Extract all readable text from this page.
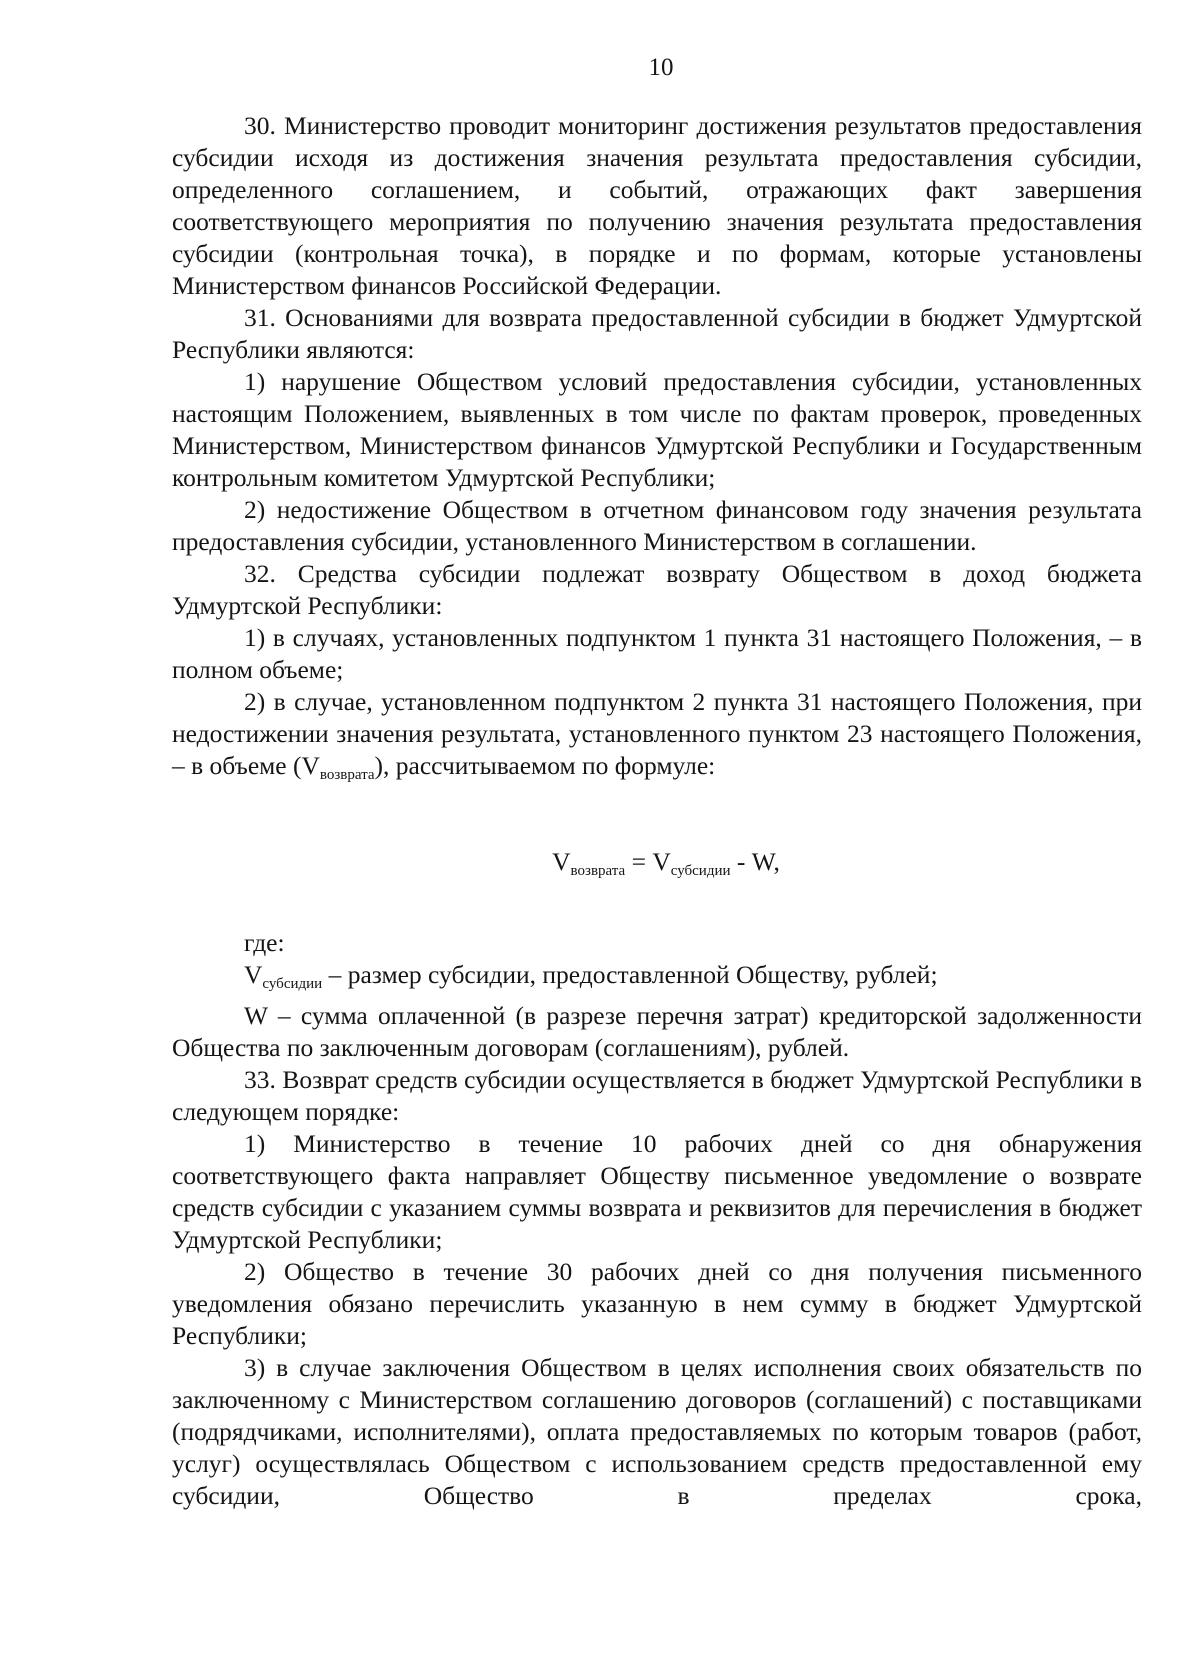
10

30. Министерство проводит мониторинг достижения результатов предоставления субсидии исходя из достижения значения результата предоставления субсидии, определенного соглашением, и событий, отражающих факт завершения соответствующего мероприятия по получению значения результата предоставления субсидии (контрольная точка), в порядке и по формам, которые установлены Министерством финансов Российской Федерации.

31. Основаниями для возврата предоставленной субсидии в бюджет Удмуртской Республики являются:

1) нарушение Обществом условий предоставления субсидии, установленных настоящим Положением, выявленных в том числе по фактам проверок, проведенных Министерством, Министерством финансов Удмуртской Республики и Государственным контрольным комитетом Удмуртской Республики;

2) недостижение Обществом в отчетном финансовом году значения результата предоставления субсидии, установленного Министерством в соглашении.

32. Средства субсидии подлежат возврату Обществом в доход бюджета Удмуртской Республики:

1) в случаях, установленных подпунктом 1 пункта 31 настоящего Положения, – в полном объеме;

2) в случае, установленном подпунктом 2 пункта 31 настоящего Положения, при недостижении значения результата, установленного пунктом 23 настоящего Положения, – в объеме $(V_{возврата})$, рассчитываемом по формуле:

$V_{возврата} = V_{субсидии} - W$,

где:

$V_{субсидии}$ – размер субсидии, предоставленной Обществу, рублей;

W – сумма оплаченной (в разрезе перечня затрат) кредиторской задолженности Общества по заключенным договорам (соглашениям), рублей.

33. Возврат средств субсидии осуществляется в бюджет Удмуртской Республики в следующем порядке:

1) Министерство в течение 10 рабочих дней со дня обнаружения соответствующего факта направляет Обществу письменное уведомление о возврате средств субсидии с указанием суммы возврата и реквизитов для перечисления в бюджет Удмуртской Республики;

2) Общество в течение 30 рабочих дней со дня получения письменного уведомления обязано перечислить указанную в нем сумму в бюджет Удмуртской Республики;

3) в случае заключения Обществом в целях исполнения своих обязательств по заключенному с Министерством соглашению договоров (соглашений) с поставщиками (подрядчиками, исполнителями), оплата предоставляемых по которым товаров (работ, услуг) осуществлялась Обществом с использованием средств предоставленной ему субсидии, Общество в пределах срока,
